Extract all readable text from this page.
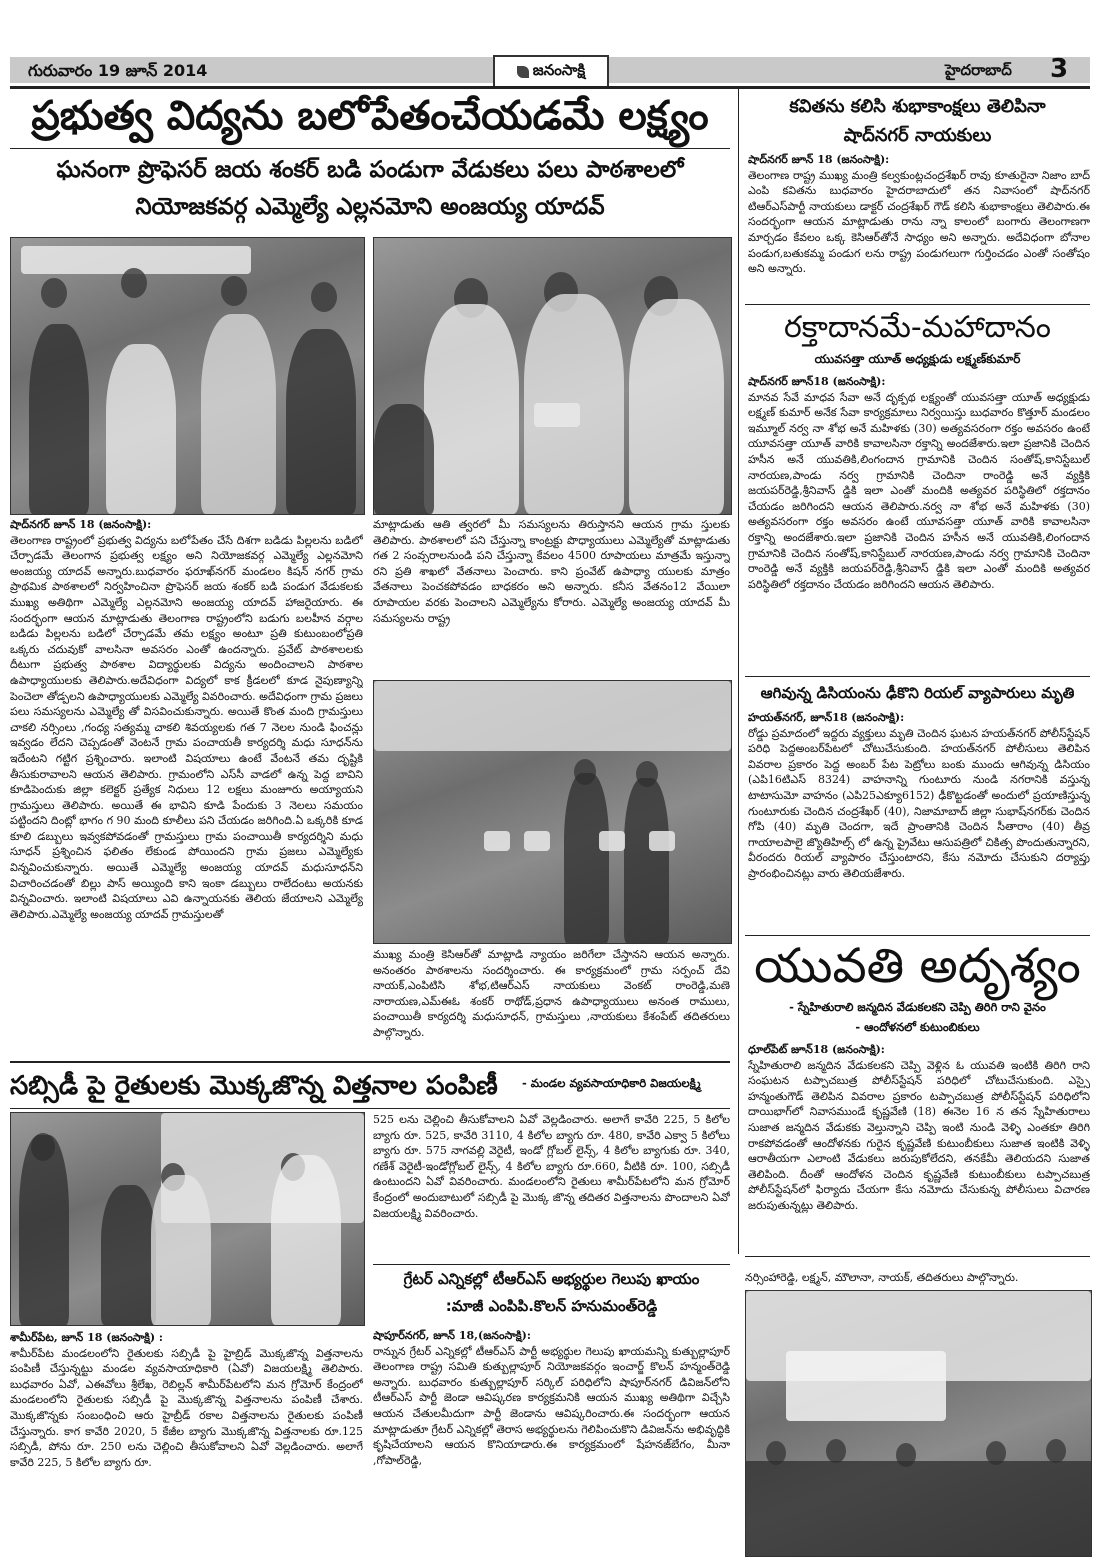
గురువారం 19 జూన్ 2014	జనంసాక్షి	హైదరాబాద్ 3
ప్రభుత్వ విద్యను బలోపేతంచేయడమే లక్ష్యం
ఘనంగా ప్రొఫెసర్ జయ శంకర్ బడి పండుగా వేడుకలు పలు పాఠశాలలో
నియోజకవర్గ ఎమ్మెల్యే ఎల్లనమోని అంజయ్య యాదవ్

షాద్‌నగర్ జూన్ 18 (జనంసాక్షి):
తెలంగాణ రాష్ట్రంలో ప్రభుత్వ విద్యను బలోపేతం చేసే దిశగా బడిడు పిల్లలను బడిలో చేర్పాడమే తెలంగాన ప్రభుత్వ లక్ష్యం అని నియోజకవర్గ ఎమ్మెల్యే ఎల్లనమోని అంజయ్య యాదవ్ అన్నారు.బుధవారం ఫరూఖ్‌నగర్ మండలం కిషన్ నగర్ గ్రామ ప్రాథమిక పాఠశాలలో నిర్వహించినా ప్రొఫెసర్ జయ శంకర్ బడి పండుగ వేడుకలకు ముఖ్య అతిథిగా ఎమ్మెల్యే ఎల్లనమోని అంజయ్య యాదవ్ హాజరైయారు. ఈ సందర్భంగా ఆయన మాట్లాడుతు తెలంగాణ రాష్ట్రంలోని బడుగు బలహీన వర్గాల బడిడు పిల్లలను బడిలో చేర్పాడమే తమ లక్ష్యం అంటూ ప్రతి కుటుంబంలోప్రతి ఒక్కరు చదువుకో వాలసినా అవసరం ఎంతో ఉందన్నారు. ప్రవేట్ పాఠశాలలకు దీటుగా ప్రభుత్వ పాఠశాల విద్యార్థులకు విద్యను అందించాలని పాఠశాల ఉపాధ్యాయులకు తెలిపారు.అదేవిధంగా విద్యలో కాక క్రీడలలో కూడ నైపుణ్యాన్ని పెంచెలా తోడ్పలని ఉపాధ్యాయులకు ఎమ్మెల్యే వివరించారు. అదేవిధంగా గ్రామ ప్రజలు పలు సమస్యలను ఎమ్మెల్యే తో విసవించుకున్నారు. అయితే కొంత మంది గ్రామస్తులు చాకలి నర్సింలు ,గంధ్య సత్యమ్మ చాకలి శివయ్యలకు గత 7 నెలల నుండి ఫించన్లు ఇవ్వడం లేదని చెప్పడంతో వెంటనే గ్రామ పంచాయతీ కార్యదర్శి మధు సూధన్‌ను ఇదేంటని గట్టిగ ప్రశ్నించారు. ఇలాంటి విషయాలు ఉంటే వేంటనే తమ దృష్టికి తీసుకురావాలని ఆయన తెలిపారు. గ్రామంలోని ఎస్‌సీ వాడలో ఉన్న పెద్ద బావిని కూడిపెందుకు జిల్లా కలెక్టర్ ప్రత్యేక నిధులు 12 లక్షలు మంజూరు అయ్యాయని గ్రామస్తులు తెలిపారు. అయితే ఈ భావిని కూడి పేందుకు 3 నెలలు సమయం పట్టిందని దింట్లో భాగం గ 90 మంది కూలీలు పని చేయడం జరిగింది.ఏ ఒక్కరికి కూడ కూలి డబ్బులు ఇవ్వకపోవడంతో గ్రామస్తులు గ్రామ పంచాయితీ కార్యదర్శిని మధు సూధన్ ప్రశ్నించిన ఫలితం లేకుండ పోయిందని గ్రామ ప్రజలు ఎమ్మెల్యేకు విన్నవించుకున్నారు. అయితే ఎమ్మెల్యే అంజయ్య యాదవ్ మధుసూధన్‌ని విచారించడంతో బిల్లు పాస్ అయ్యింది కాని ఇంకా డబ్బులు రాలేదంటు అయనకు విన్నవించారు. ఇలాంటి విషయాలు ఎవి ఉన్నాయనకు తెలియ జేయాలని ఎమ్మెల్యే తెలిపారు.ఎమ్మెల్యే అంజయ్య యాదవ్ గ్రామస్తులతో

మాట్లాడుతు ఆతి త్వరలో మీ సమస్యలను తిరుస్తానని ఆయన గ్రామ స్తులకు తెలిపారు. పాఠశాలలో పని చేస్తున్నా కాంట్రక్టు పొధ్యాయులు ఎమ్మెల్యేతో మాట్లాడుతు గత 2 సంవ్సరాలనుండి పని చేస్తున్నా కేవలం 4500 రూపాయలు మాత్రమే ఇస్తున్నా రని ప్రతి శాఖలో వేతనాలు పెంచారు. కాని ప్రంవేట్ ఉపాధ్యా యులకు మాత్రం వేతనాలు పెంచకపోవడం బాధకరం అని అన్నారు. కనీస వేతనం12 వేయిలా రూపాయల వరకు పెంచాలని ఎమ్మెల్యేను కోరారు. ఎమ్మెల్యే అంజయ్య యాదవ్ మీ సమస్యలను రాష్ట్ర

ముఖ్య మంత్రి కెసిఆర్‌తో మాట్లాడి న్యాయం జరిగేలా చేస్తానని ఆయన అన్నారు. అనంతరం పాఠశాలను సందర్శించారు. ఈ కార్యక్రమంలో గ్రామ సర్పంచ్ దేవి నాయక్,ఎంపిటిసి శోభ,టిఆర్‌ఎస్ నాయకులు వెంకట్ రాంరెడ్డి,మణె నారాయణ,ఎమ్‌ఈఓ శంకర్ రాథోడ్,ప్రధాన ఉపాధ్యాయులు అనంత రాములు, పంచాయితీ కార్యదర్శి మధుసూధన్, గ్రామస్తులు ,నాయకులు కేశంపేట్ తదితరులు పాల్గొన్నారు.

సబ్సిడీ పై రైతులకు మొక్కజొన్న విత్తనాల పంపిణీ	- మండల వ్యవసాయాధికారి విజయలక్ష్మి

525 లను చెల్లించి తీసుకోవాలని ఏవో వెల్లడించారు. అలాగే కావేరి 225, 5 కిలోల బ్యాగు రూ. 525, కావేరి 3110, 4 కిలోల బ్యాగు రూ. 480, కావేరి ఎక్వా 5 కిలోలు బ్యాగు రూ. 575 నాగవల్లి వెరైటీ, ఇండో గ్లోబల్ లైన్స్, 4 కిలోల బ్యాగుకు రూ. 340, గణేశ్ వెరైటీ-ఇండోగ్లోబల్ లైన్స్, 4 కిలోల బ్యాగు రూ.660, వీటికి రూ. 100, సబ్సిడీ ఉంటుందని ఏవో వివరించారు. మండలంలోని రైతులు శామీర్‌పేటలోని మన గ్రోమోర్ కేంద్రంలో అందుబాటులో సబ్సిడీ పై మొక్క జొన్న తదితర విత్తనాలను పొందాలని ఏవో విజయలక్ష్మి వివరించారు.

శామీర్‌పేట, జూన్ 18 (జనంసాక్షి) :
శామీర్‌పేట మండలంలోని రైతులకు సబ్సిడీ పై హైబ్రిడ్ మొక్కజొన్న విత్తనాలను పంపిణీ చేస్తున్నట్టు మండల వ్యవసాయాధికారి (ఏవో) విజయలక్ష్మి తెలిపారు. బుధవారం ఏవో, ఎఈవోలు శ్రీలేఖ, రెబిల్లన్ శామీర్‌పేటలోని మన గ్రోమోర్ కేంద్రంలో మండలంలోని రైతులకు సబ్సిడీ పై మొక్కజొన్న విత్తనాలను పంపిణీ చేశారు. మొక్కజొన్నకు సంబంధించి ఆరు హైబ్రీడ్ రకాల విత్తనాలను రైతులకు పంపిణీ చేస్తున్నారు. కాగ కావేరి 2020, 5 కేజీల బ్యాగు మొక్కజొన్న విత్తనాలకు రూ.125 సబ్సిడీ, పోను రూ. 250 లను చెల్లించి తీసుకోవాలని ఏవో వెల్లడించారు. అలాగే కావేరి 225, 5 కిలోల బ్యాగు రూ.

గ్రేటర్ ఎన్నికల్లో టీఆర్ఎస్ అభ్యర్థుల గెలుపు ఖాయం
:మాజీ ఎంపిపి.కొలన్ హనుమంత్‌రెడ్డి

షాపూర్‌నగర్, జూన్ 18,(జనంసాక్షి):
రాన్నున గ్రేటర్ ఎన్నికల్లో టీఆర్ఎస్ పార్టీ అభ్యర్థుల గెలుపు ఖాయమన్ని కుత్బుల్లాపూర్ తెలంగాణ రాష్ట్ర సమితి కుత్బుల్లాపూర్ నియోజకవర్గం ఇంచార్జ్ కొలన్ హన్మంత్‌రెడ్డి అన్నారు. బుధవారం కుత్బుల్లాపూర్ సర్కిల్ పరిధిలోని షాపూర్‌నగర్ డివిజన్‌లోని టీఆర్ఎస్ పార్టీ జెండా ఆవిష్కరణ కార్యక్రమనికి ఆయన ముఖ్య అతిథిగా విచ్చేసి ఆయన చేతులమీదుగా పార్టీ జెండాను ఆవిష్కరించారు.ఈ సందర్భంగా ఆయన మాట్లాడుతూ గ్రేటర్ ఎన్నికల్లో తెరాస అభ్యర్థులను గెలిపించుకొని డివిజన్‌ను అభివృద్ధికి కృషిచేయాలని ఆయన కొనియాడారు.ఈ కార్యక్రమంలో షేహనజ్‌బేగం, మీనా ,గోపాల్‌రెడ్డి,

నర్సింహారెడ్డి, లక్ష్మన్, మౌలానా, నాయక్, తదితరులు పాల్గొన్నారు.
కవితను కలిసి శుభాకాంక్షలు తెలిపినా షాద్‌నగర్ నాయకులు

షాద్‌నగర్ జూన్ 18 (జనంసాక్షి):
తెలంగాణ రాష్ట్ర ముఖ్య మంత్రి కల్వకుంట్లచంద్రశేఖర్ రావు కూతురైనా నిజాం బాద్ ఎంపి కవితను బుధవారం హైదరాబాదులో తన నివాసంలో షాద్‌నగర్ టిఆర్‌ఎస్‌పార్టీ నాయకులు డాక్టర్ చంద్రశేఖర్ గౌడ్ కలిసి శుభాకాంక్షలు తెలిపారు.ఈ సందర్భంగా ఆయన మాట్లాడుతు రాను న్నా కాలంలో బంగారు తెలంగాణగా మార్చడం కేవలం ఒక్క కెసిఆర్‌తోనే సాధ్యం అని అన్నారు. అదేవిధంగా బోనాల పండుగ,బతుకమ్మ పండుగ లను రాష్ట్ర పండుగలుగా గుర్తించడం ఎంతో సంతోషం అని అన్నారు.

రక్తాదానమే-మహాదానం
యువసత్తా యూత్ అధ్యక్షుడు లక్ష్మణ్‌కుమార్

షాద్‌నగర్ జూన్18 (జనంసాక్షి):
మానవ సేవే మాధవ సేవా అనే దృక్పథ లక్ష్యంతో యువసత్తా యూత్ అధ్యక్షుడు లక్ష్మణ్ కుమార్ అనేక సేవా కార్యక్రమాలు నిర్వయిస్తు బుధవారం కొత్తూర్ మండలం ఇమ్మూల్ నర్వ నా శోభ అనే మహిళకు (30) అత్యవసరంగా రక్తం అవసరం ఉంటే యూవసత్తా యూత్ వారికి కావాలసినా రక్తాన్ని అందజేశారు.ఇలా ప్రజానికి చెందిన హసీన అనే యువతికి,లింగందాన గ్రామానికి చెందిన సంతోష్,కానిస్టేబుల్ నారయణ,పాండు నర్వ గ్రామానికి చెందినా రాంరెడ్డి అనే వ్యక్తికి జయపర్‌రెడ్డి,శ్రీనివాస్ డ్డికి ఇలా ఎంతో మందికి అత్యవర పరిస్థితిలో రక్తదానం చేయడం జరిగిందని ఆయన తెలిపారు.నర్వ నా శోభ అనే మహిళకు (30) అత్యవసరంగా రక్తం అవసరం ఉంటే యూవసత్తా యూత్ వారికి కావాలసినా రక్తాన్ని అందజేశారు.ఇలా ప్రజానికి చెందిన హసీన అనే యువతికి,లింగందాన గ్రామానికి చెందిన సంతోష్,కానిస్టేబుల్ నారయణ,పాండు నర్వ గ్రామానికి చెందినా రాంరెడ్డి అనే వ్యక్తికి జయపర్‌రెడ్డి,శ్రీనివాస్ డ్డికి ఇలా ఎంతో మందికి అత్యవర పరిస్థితిలో రక్తదానం చేయడం జరిగిందని ఆయన తెలిపారు.

ఆగివున్న డిసియంను ఢీకొని రియల్ వ్యాపారులు మృతి

హయత్‌నగర్, జూన్18 (జనంసాక్షి):
రోడ్డు ప్రమాదంలో ఇద్దరు వ్యక్తులు మృతి చెందిన ఘటన హయత్‌నగర్ పోలీస్‌స్టేషన్ పరిధి పెద్దఅంబర్‌పేటలో చోటుచేసుకుంది. హయత్‌నగర్ పోలీసులు తెలిపిన వివరాల ప్రకారం పెద్ద అంబర్ పేట పెట్రోలు బంకు ముందు ఆగివున్న డిసియం (ఎపి16టిఎస్ 8324) వాహనాన్ని గుంటూరు నుండి నగరానికి వస్తున్న టాటాసుమో వాహనం (ఎపి25ఎక్యూ6152) ఢీకొట్టడంతో అందులో ప్రయాణిస్తున్న గుంటూరుకు చెందిన చంద్రశేఖర్ (40), నిజామాబాద్ జిల్లా సుభాష్‌నగర్‌కు చెందిన గోపి (40) మృతి చెందగా, ఇదే ప్రాంతానికి చెందిన సీతారాం (40) తీవ్ర గాయాలపాలై జ్యొతిహిల్స్ లో ఉన్న ప్రైవేటు ఆసుపత్రిలో చికిత్స పొందుతున్నారని, వీరందరు రియల్ వ్యాపారం చేస్తుంటారని, కేసు నమోదు చేసుకుని దర్యాప్తు ప్రారంభించినట్లు వారు తెలియజేశారు.

యువతి అదృశ్యం
- స్నేహితురాలి జన్మదిన వేడుకలకని చెప్పి తిరిగి రాని వైనం
- ఆందోళనలో కుటుంబికులు

ధూల్‌పేట్ జూన్18 (జనంసాక్షి):
స్నేహితురాలి జన్మదిన వేడుకలకని చెప్పి వెళ్లిన ఓ యువతి ఇంటికి తిరిగి రాని సంఘటన టప్పాచబుత్ర పోలీస్‌స్టేషన్ పరిధిలో చోటుచేసుకుంది. ఎస్సై హన్మంతుగౌడ్ తెలిపిన వివరాల ప్రకారం టప్పాచబుత్ర పోలీస్‌స్టేషన్ పరిధిలోని దాయిభాగ్‌లో నివాసముండే కృష్ణవేణి (18) ఈనెల 16 న తన స్నేహితురాలు సుజాత జన్మదిన వేడుకకు వెల్తున్నాని చెప్పి ఇంటి నుండి వెళ్ళి ఎంతకూ తిరిగి రాకపోవడంతో ఆందోళనకు గురైన కృష్ణవేణి కుటుంబీకులు సుజాత ఇంటికి వెళ్ళి ఆరాతీయగా ఎలాంటి వేడుకలు జరుపుకోలేదని, తనకేమీ తెలియదని సుజాత తెలిపింది. దీంతో ఆందోళన చెందిన కృష్ణవేణి కుటుంబీకులు టప్పాచబుత్ర పోలీస్‌స్టేషన్‌లో ఫిర్యాదు చేయగా కేసు నమోదు చేసుకున్న పోలీసులు విచారణ జరుపుతున్నట్లు తెలిపారు.
